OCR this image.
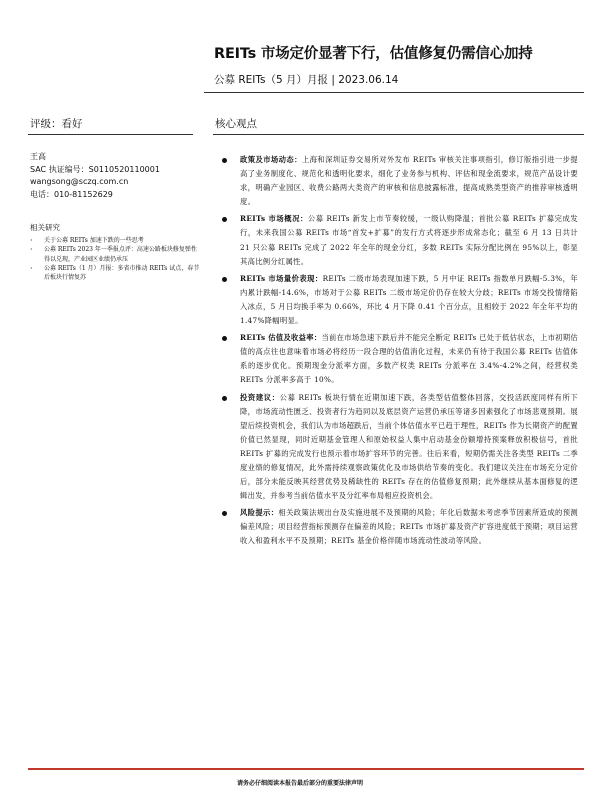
REITs 市场定价显著下行，估值修复仍需信心加持
公募 REITs（5 月）月报 | 2023.06.14
评级：看好	核心观点
王高
SAC 执证编号：S0110520110001
wangsong@sczq.com.cn
电话：010-81152629
相关研究
· 关于公募 REITs 加速下跌的一些思考
· 公募 REITs 2023 年一季报点评：高速公路板块修复弹性得以兑现，产业园区业绩仍承压
· 公募 REITs（1 月）月报：多省市推动 REITs 试点，春节后板块行情复苏
政策及市场动态：上海和深圳证券交易所对外发布 REITs 审核关注事项指引，修订版指引进一步提高了业务制度化、规范化和透明化要求，细化了业务参与机构、评估和现金流要求，规范产品设计要求，明确产业园区、收费公路两大类资产的审核和信息披露标准，提高成熟类型资产的推荐审核透明度。
REITs 市场概况：公募 REITs 新发上市节奏较缓，一级认购降温；首批公募 REITs 扩募完成发行，未来我国公募 REITs 市场“首发+扩募”的发行方式将逐步形成常态化；截至 6 月 13 日共计 21 只公募 REITs 完成了 2022 年全年的现金分红，多数 REITs 实际分配比例在 95%以上，彰显其高比例分红属性。
REITs 市场量价表现：REITs 二级市场表现加速下跌，5 月中证 REITs 指数单月跌幅-5.3%，年内累计跌幅-14.6%，市场对于公募 REITs 二级市场定价仍存在较大分歧；REITs 市场交投情绪陷入冰点，5 月日均换手率为 0.66%，环比 4 月下降 0.41 个百分点，且相较于 2022 年全年平均的 1.47%降幅明显。
REITs 估值及收益率：当前在市场急速下跌后并不能完全断定 REITs 已处于低估状态，上市初期估值的高点往也意味着市场必将经历一段合理的估值消化过程，未来仍有待于我国公募 REITs 估值体系的逐步优化。预期现金分派率方面，多数产权类 REITs 分派率在 3.4%-4.2%之间，经营权类 REITs 分派率多高于 10%。
投资建议：公募 REITs 板块行情在近期加速下跌，各类型估值整体回落，交投活跃度同样有所下降，市场流动性匮乏、投资者行为趋同以及底层资产运营仍承压等诸多因素强化了市场悲观预期。展望后续投资机会，我们认为市场超跌后，当前个体估值水平已趋于理性，REITs 作为长期资产的配置价值已然显现，同时近期基金管理人和原始权益人集中启动基金份额增持预案释放积极信号，首批 REITs 扩募的完成发行也预示着市场扩容环节的完善。往后来看，短期仍需关注各类型 REITs 二季度业绩的修复情况，此外需持续观察政策优化及市场供给节奏的变化。我们建议关注在市场充分定价后，部分未能反映其经营优势及稀缺性的 REITs 存在的估值修复预期；此外继续从基本面修复的逻辑出发，并参考当前估值水平及分红率布局相应投资机会。
风险提示：相关政策法规出台及实施进展不及预期的风险；年化后数据未考虑季节因素所造成的预测偏差风险；项目经营指标预测存在偏差的风险；REITs 市场扩募及资产扩容进度低于预期；项目运营收入和盈利水平不及预期；REITs 基金价格伴随市场流动性波动等风险。
请务必仔细阅读本报告最后部分的重要法律声明
